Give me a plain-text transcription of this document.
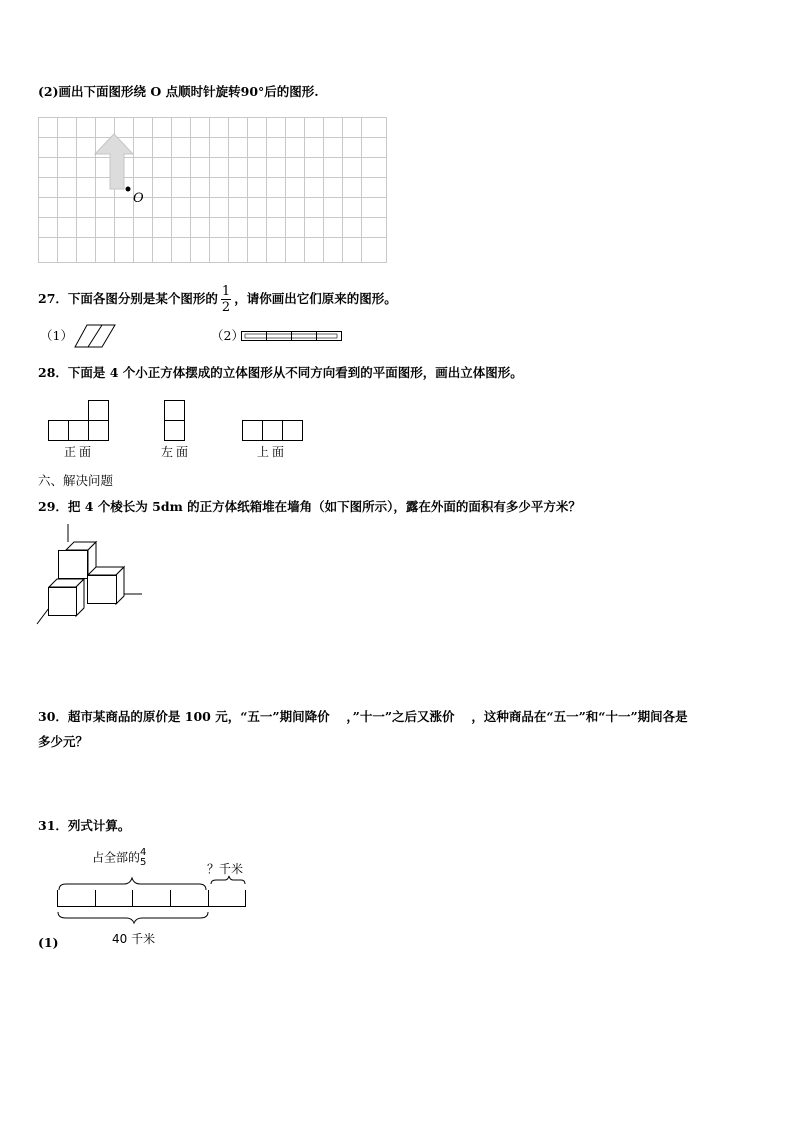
(2)画出下面图形绕 O 点顺时针旋转90°后的图形.
O
27．下面各图分别是某个图形的 $\frac{1}{2}$ ，请你画出它们原来的图形。
（1）	（2）
28．下面是 4 个小正方体摆成的立体图形从不同方向看到的平面图形，画出立体图形。
正面	左面	上面
六、解决问题
29．把 4 个棱长为 5dm 的正方体纸箱堆在墙角（如下图所示），露在外面的面积有多少平方米？
30．超市某商品的原价是 100 元，“五一”期间降价　 ，”十一”之后又涨价　 ，这种商品在“五一”和“十一”期间各是
多少元？
31．列式计算。
占全部的 4
5	？千米
40 千米
(1)
